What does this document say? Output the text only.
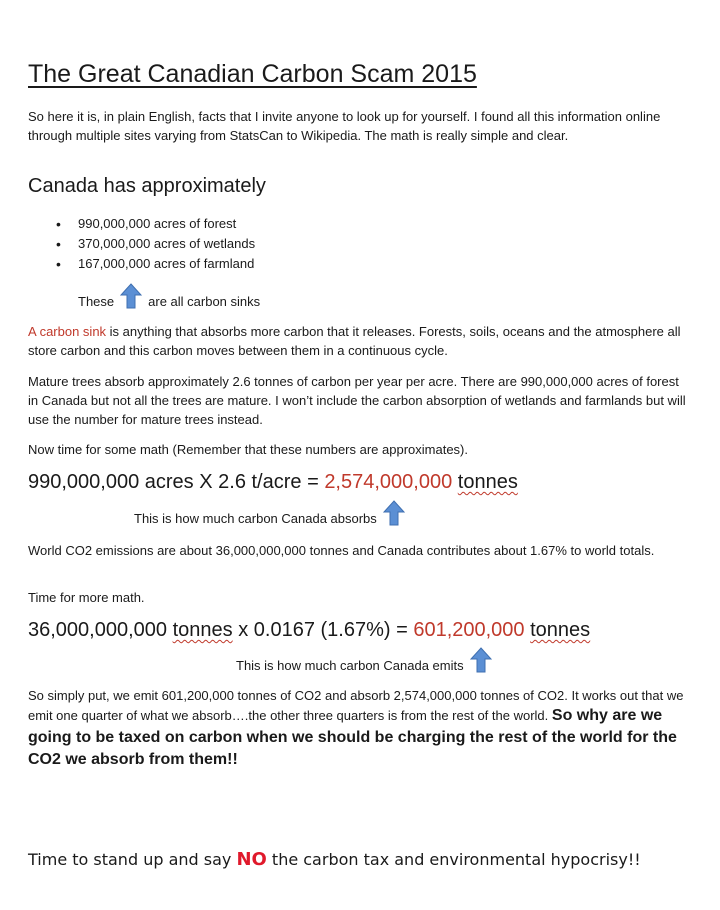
The Great Canadian Carbon Scam 2015

So here it is, in plain English, facts that I invite anyone to look up for yourself. I found all this information online through multiple sites varying from StatsCan to Wikipedia. The math is really simple and clear.

Canada has approximately
• 990,000,000 acres of forest
• 370,000,000 acres of wetlands
• 167,000,000 acres of farmland
These	are all carbon sinks

A carbon sink is anything that absorbs more carbon that it releases. Forests, soils, oceans and the atmosphere all store carbon and this carbon moves between them in a continuous cycle.

Mature trees absorb approximately 2.6 tonnes of carbon per year per acre. There are 990,000,000 acres of forest in Canada but not all the trees are mature. I won’t include the carbon absorption of wetlands and farmlands but will use the number for mature trees instead.

Now time for some math (Remember that these numbers are approximates).

990,000,000 acres X 2.6 t/acre = 2,574,000,000 tonnes

This is how much carbon Canada absorbs

World CO2 emissions are about 36,000,000,000 tonnes and Canada contributes about 1.67% to world totals.

Time for more math.

36,000,000,000 tonnes x 0.0167 (1.67%) = 601,200,000 tonnes

This is how much carbon Canada emits

So simply put, we emit 601,200,000 tonnes of CO2 and absorb 2,574,000,000 tonnes of CO2. It works out that we emit one quarter of what we absorb….the other three quarters is from the rest of the world. So why are we going to be taxed on carbon when we should be charging the rest of the world for the CO2 we absorb from them!!

Time to stand up and say NO the carbon tax and environmental hypocrisy!!
